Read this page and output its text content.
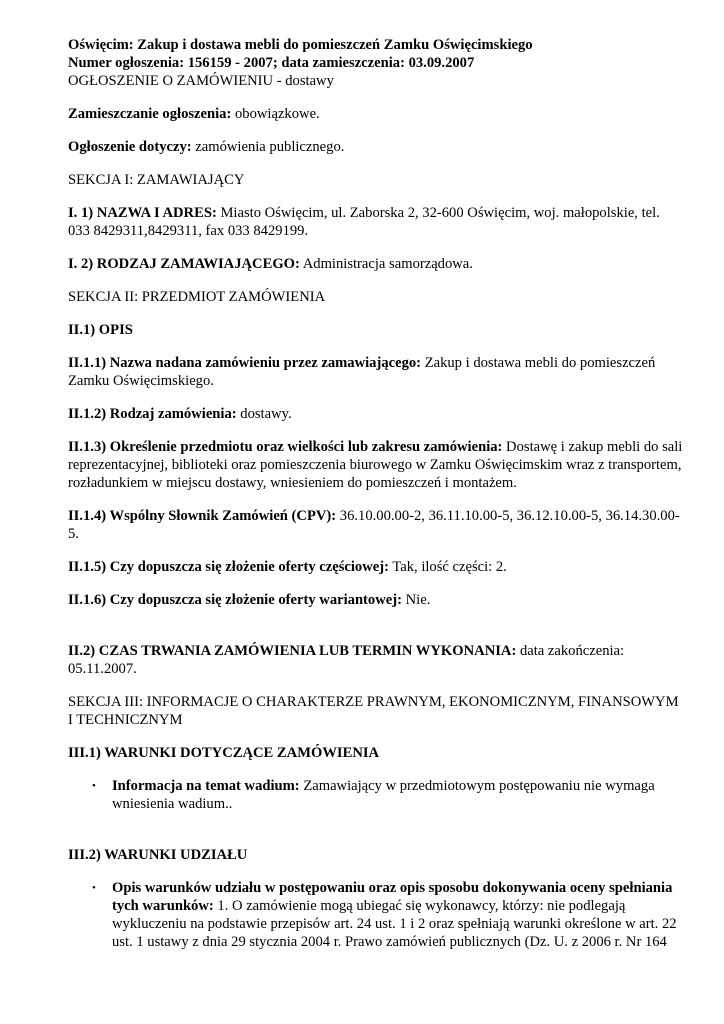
Oświęcim: Zakup i dostawa mebli do pomieszczeń Zamku Oświęcimskiego
Numer ogłoszenia: 156159 - 2007; data zamieszczenia: 03.09.2007
OGŁOSZENIE O ZAMÓWIENIU - dostawy

Zamieszczanie ogłoszenia: obowiązkowe.

Ogłoszenie dotyczy: zamówienia publicznego.

SEKCJA I: ZAMAWIAJĄCY

I. 1) NAZWA I ADRES: Miasto Oświęcim, ul. Zaborska 2, 32-600 Oświęcim, woj. małopolskie, tel. 033 8429311,8429311, fax 033 8429199.

I. 2) RODZAJ ZAMAWIAJĄCEGO: Administracja samorządowa.

SEKCJA II: PRZEDMIOT ZAMÓWIENIA

II.1) OPIS

II.1.1) Nazwa nadana zamówieniu przez zamawiającego: Zakup i dostawa mebli do pomieszczeń Zamku Oświęcimskiego.

II.1.2) Rodzaj zamówienia: dostawy.

II.1.3) Określenie przedmiotu oraz wielkości lub zakresu zamówienia: Dostawę i zakup mebli do sali reprezentacyjnej, biblioteki oraz pomieszczenia biurowego w Zamku Oświęcimskim wraz z transportem, rozładunkiem w miejscu dostawy, wniesieniem do pomieszczeń i montażem.

II.1.4) Wspólny Słownik Zamówień (CPV): 36.10.00.00-2, 36.11.10.00-5, 36.12.10.00-5, 36.14.30.00-5.

II.1.5) Czy dopuszcza się złożenie oferty częściowej: Tak, ilość części: 2.

II.1.6) Czy dopuszcza się złożenie oferty wariantowej: Nie.

II.2) CZAS TRWANIA ZAMÓWIENIA LUB TERMIN WYKONANIA: data zakończenia: 05.11.2007.

SEKCJA III: INFORMACJE O CHARAKTERZE PRAWNYM, EKONOMICZNYM, FINANSOWYM I TECHNICZNYM

III.1) WARUNKI DOTYCZĄCE ZAMÓWIENIA

• Informacja na temat wadium: Zamawiający w przedmiotowym postępowaniu nie wymaga wniesienia wadium..

III.2) WARUNKI UDZIAŁU

• Opis warunków udziału w postępowaniu oraz opis sposobu dokonywania oceny spełniania tych warunków: 1. O zamówienie mogą ubiegać się wykonawcy, którzy: nie podlegają wykluczeniu na podstawie przepisów art. 24 ust. 1 i 2 oraz spełniają warunki określone w art. 22 ust. 1 ustawy z dnia 29 stycznia 2004 r. Prawo zamówień publicznych (Dz. U. z 2006 r. Nr 164
